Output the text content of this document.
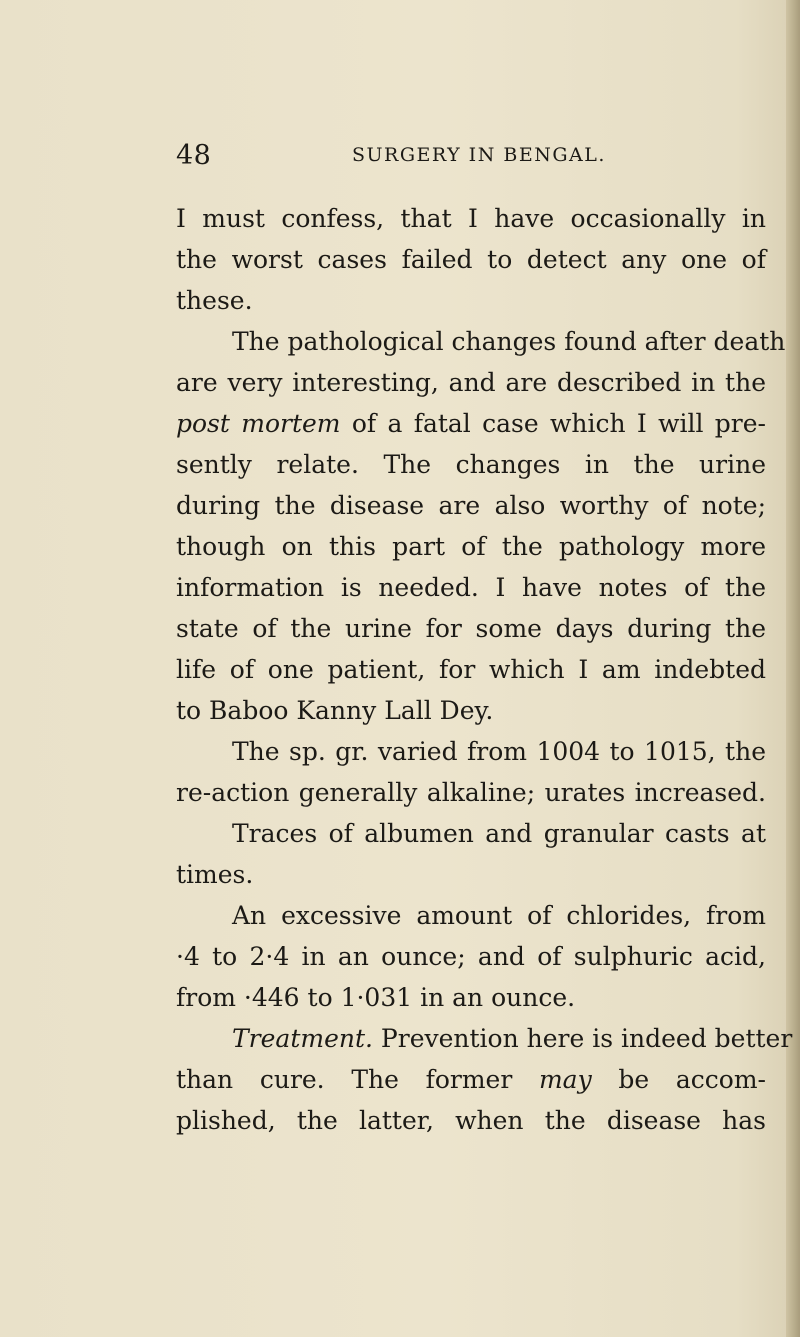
48	SURGERY IN BENGAL.
I must confess, that I have occasionally in
the worst cases failed to detect any one of
these.
The pathological changes found after death
are very interesting, and are described in the
post mortem of a fatal case which I will pre-
sently relate. The changes in the urine
during the disease are also worthy of note;
though on this part of the pathology more
information is needed. I have notes of the
state of the urine for some days during the
life of one patient, for which I am indebted
to Baboo Kanny Lall Dey.
The sp. gr. varied from 1004 to 1015, the
re-action generally alkaline; urates increased.
Traces of albumen and granular casts at
times.
An excessive amount of chlorides, from
·4 to 2·4 in an ounce; and of sulphuric acid,
from ·446 to 1·031 in an ounce.
Treatment. Prevention here is indeed better
than cure. The former may be accom-
plished, the latter, when the disease has
